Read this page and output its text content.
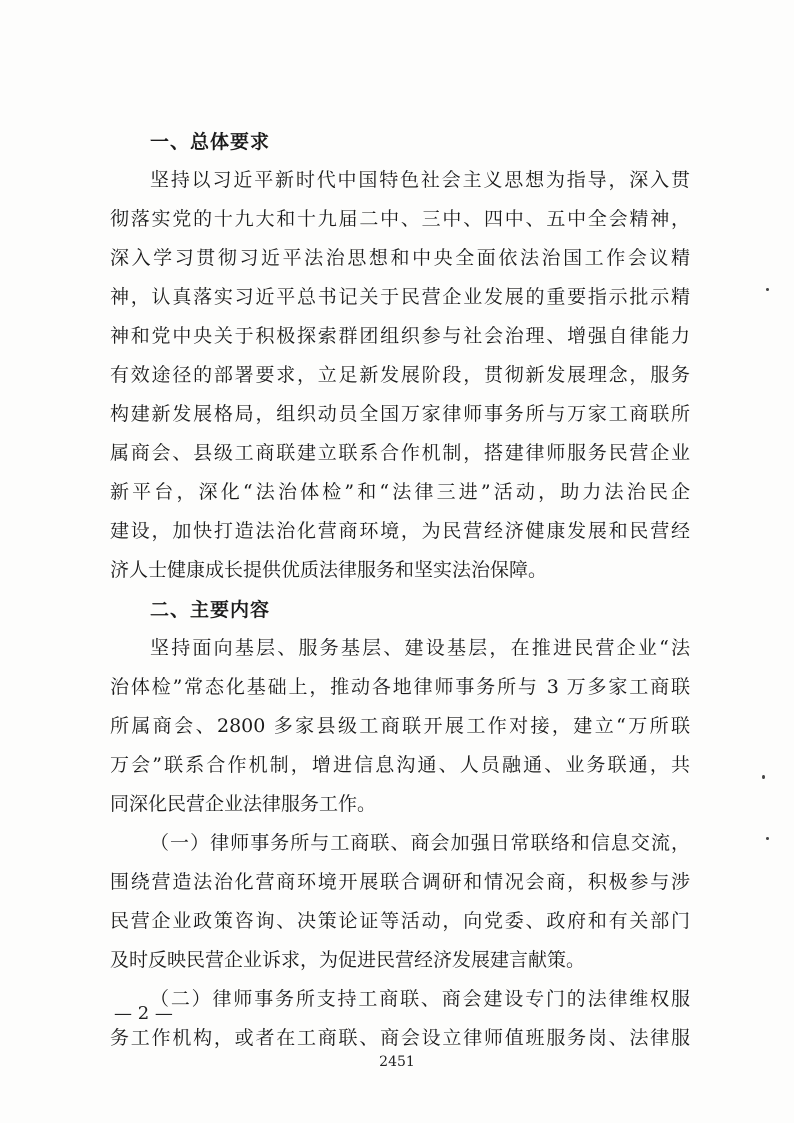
一、总体要求
坚持以习近平新时代中国特色社会主义思想为指导，深入贯
彻落实党的十九大和十九届二中、三中、四中、五中全会精神，
深入学习贯彻习近平法治思想和中央全面依法治国工作会议精
神，认真落实习近平总书记关于民营企业发展的重要指示批示精
神和党中央关于积极探索群团组织参与社会治理、增强自律能力
有效途径的部署要求，立足新发展阶段，贯彻新发展理念，服务
构建新发展格局，组织动员全国万家律师事务所与万家工商联所
属商会、县级工商联建立联系合作机制，搭建律师服务民营企业
新平台，深化“法治体检”和“法律三进”活动，助力法治民企
建设，加快打造法治化营商环境，为民营经济健康发展和民营经
济人士健康成长提供优质法律服务和坚实法治保障。
二、主要内容
坚持面向基层、服务基层、建设基层，在推进民营企业“法
治体检”常态化基础上，推动各地律师事务所与 3 万多家工商联
所属商会、2800 多家县级工商联开展工作对接，建立“万所联
万会”联系合作机制，增进信息沟通、人员融通、业务联通，共
同深化民营企业法律服务工作。
（一）律师事务所与工商联、商会加强日常联络和信息交流，
围绕营造法治化营商环境开展联合调研和情况会商，积极参与涉
民营企业政策咨询、决策论证等活动，向党委、政府和有关部门
及时反映民营企业诉求，为促进民营经济发展建言献策。
（二）律师事务所支持工商联、商会建设专门的法律维权服
务工作机构，或者在工商联、商会设立律师值班服务岗、法律服
— 2 —
2451
